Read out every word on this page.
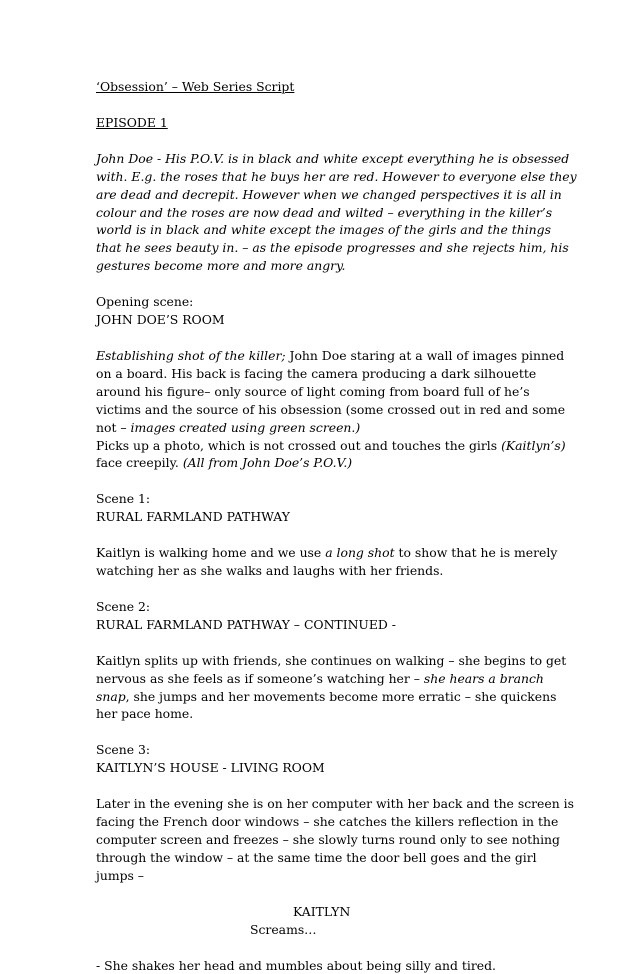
‘Obsession’ – Web Series Script

EPISODE 1

John Doe - His P.O.V. is in black and white except everything he is obsessed with. E.g. the roses that he buys her are red. However to everyone else they are dead and decrepit. However when we changed perspectives it is all in colour and the roses are now dead and wilted – everything in the killer’s world is in black and white except the images of the girls and the things that he sees beauty in. – as the episode progresses and she rejects him, his gestures become more and more angry.

Opening scene:
JOHN DOE’S ROOM

Establishing shot of the killer; John Doe staring at a wall of images pinned on a board. His back is facing the camera producing a dark silhouette around his figure– only source of light coming from board full of he’s victims and the source of his obsession (some crossed out in red and some not – images created using green screen.)

Picks up a photo, which is not crossed out and touches the girls (Kaitlyn’s) face creepily. (All from John Doe’s P.O.V.)

Scene 1:
RURAL FARMLAND PATHWAY

Kaitlyn is walking home and we use a long shot to show that he is merely watching her as she walks and laughs with her friends.

Scene 2:
RURAL FARMLAND PATHWAY – CONTINUED -

Kaitlyn splits up with friends, she continues on walking – she begins to get nervous as she feels as if someone’s watching her – she hears a branch snap, she jumps and her movements become more erratic – she quickens her pace home.

Scene 3:
KAITLYN’S HOUSE - LIVING ROOM

Later in the evening she is on her computer with her back and the screen is facing the French door windows – she catches the killers reflection in the computer screen and freezes – she slowly turns round only to see nothing through the window – at the same time the door bell goes and the girl jumps –

KAITLYN

Screams…

- She shakes her head and mumbles about being silly and tired.
